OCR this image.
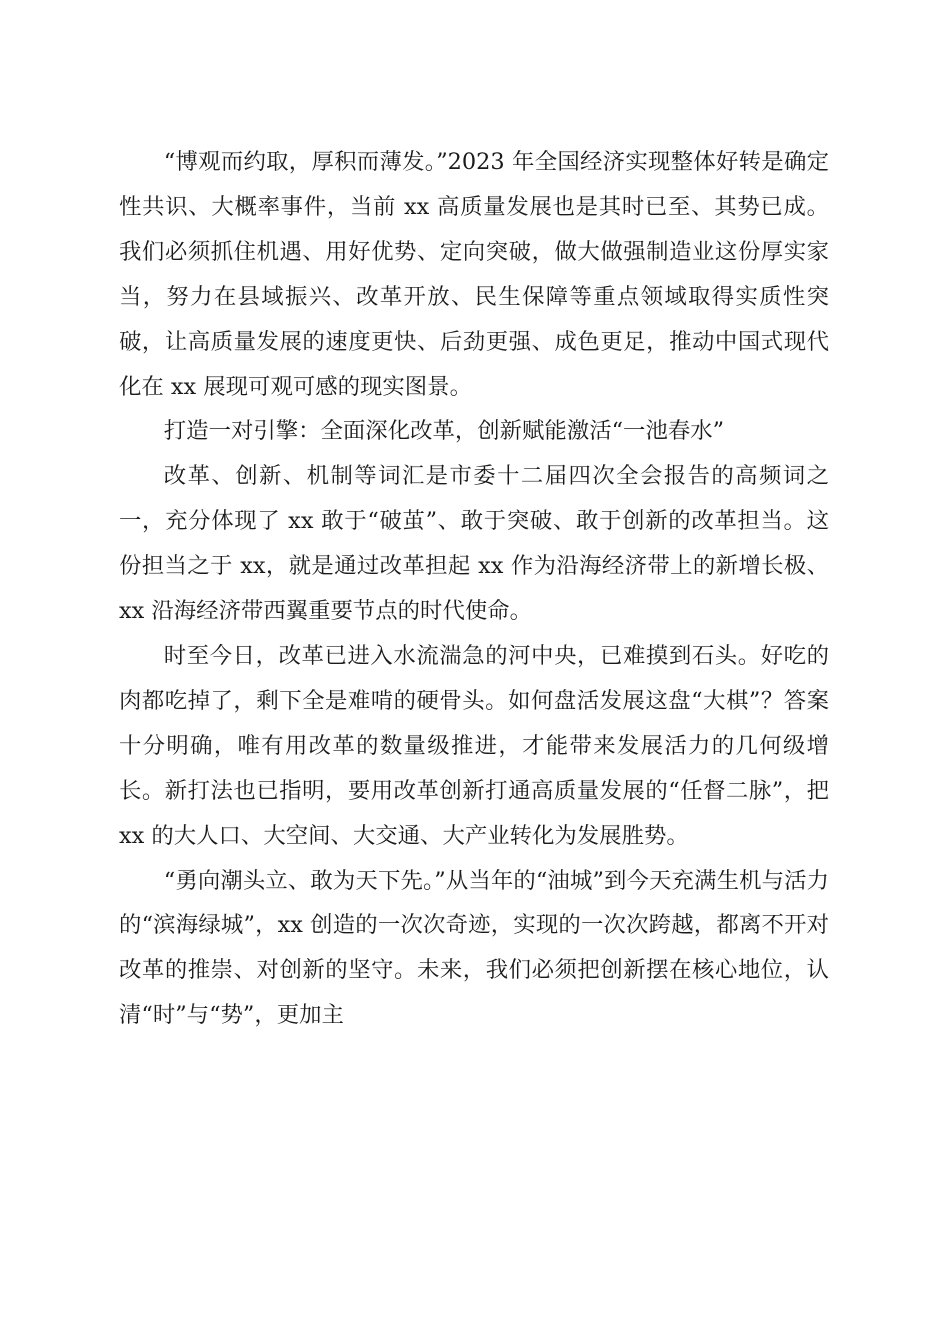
“博观而约取，厚积而薄发。”2023 年全国经济实现整体好转是确定性共识、大概率事件，当前 xx 高质量发展也是其时已至、其势已成。我们必须抓住机遇、用好优势、定向突破，做大做强制造业这份厚实家当，努力在县域振兴、改革开放、民生保障等重点领域取得实质性突破，让高质量发展的速度更快、后劲更强、成色更足，推动中国式现代化在 xx 展现可观可感的现实图景。

打造一对引擎：全面深化改革，创新赋能激活“一池春水”

改革、创新、机制等词汇是市委十二届四次全会报告的高频词之一，充分体现了 xx 敢于“破茧”、敢于突破、敢于创新的改革担当。这份担当之于 xx，就是通过改革担起 xx 作为沿海经济带上的新增长极、xx 沿海经济带西翼重要节点的时代使命。

时至今日，改革已进入水流湍急的河中央，已难摸到石头。好吃的肉都吃掉了，剩下全是难啃的硬骨头。如何盘活发展这盘“大棋”？答案十分明确，唯有用改革的数量级推进，才能带来发展活力的几何级增长。新打法也已指明，要用改革创新打通高质量发展的“任督二脉”，把 xx 的大人口、大空间、大交通、大产业转化为发展胜势。

“勇向潮头立、敢为天下先。”从当年的“油城”到今天充满生机与活力的“滨海绿城”，xx 创造的一次次奇迹，实现的一次次跨越，都离不开对改革的推崇、对创新的坚守。未来，我们必须把创新摆在核心地位，认清“时”与“势”，更加主
